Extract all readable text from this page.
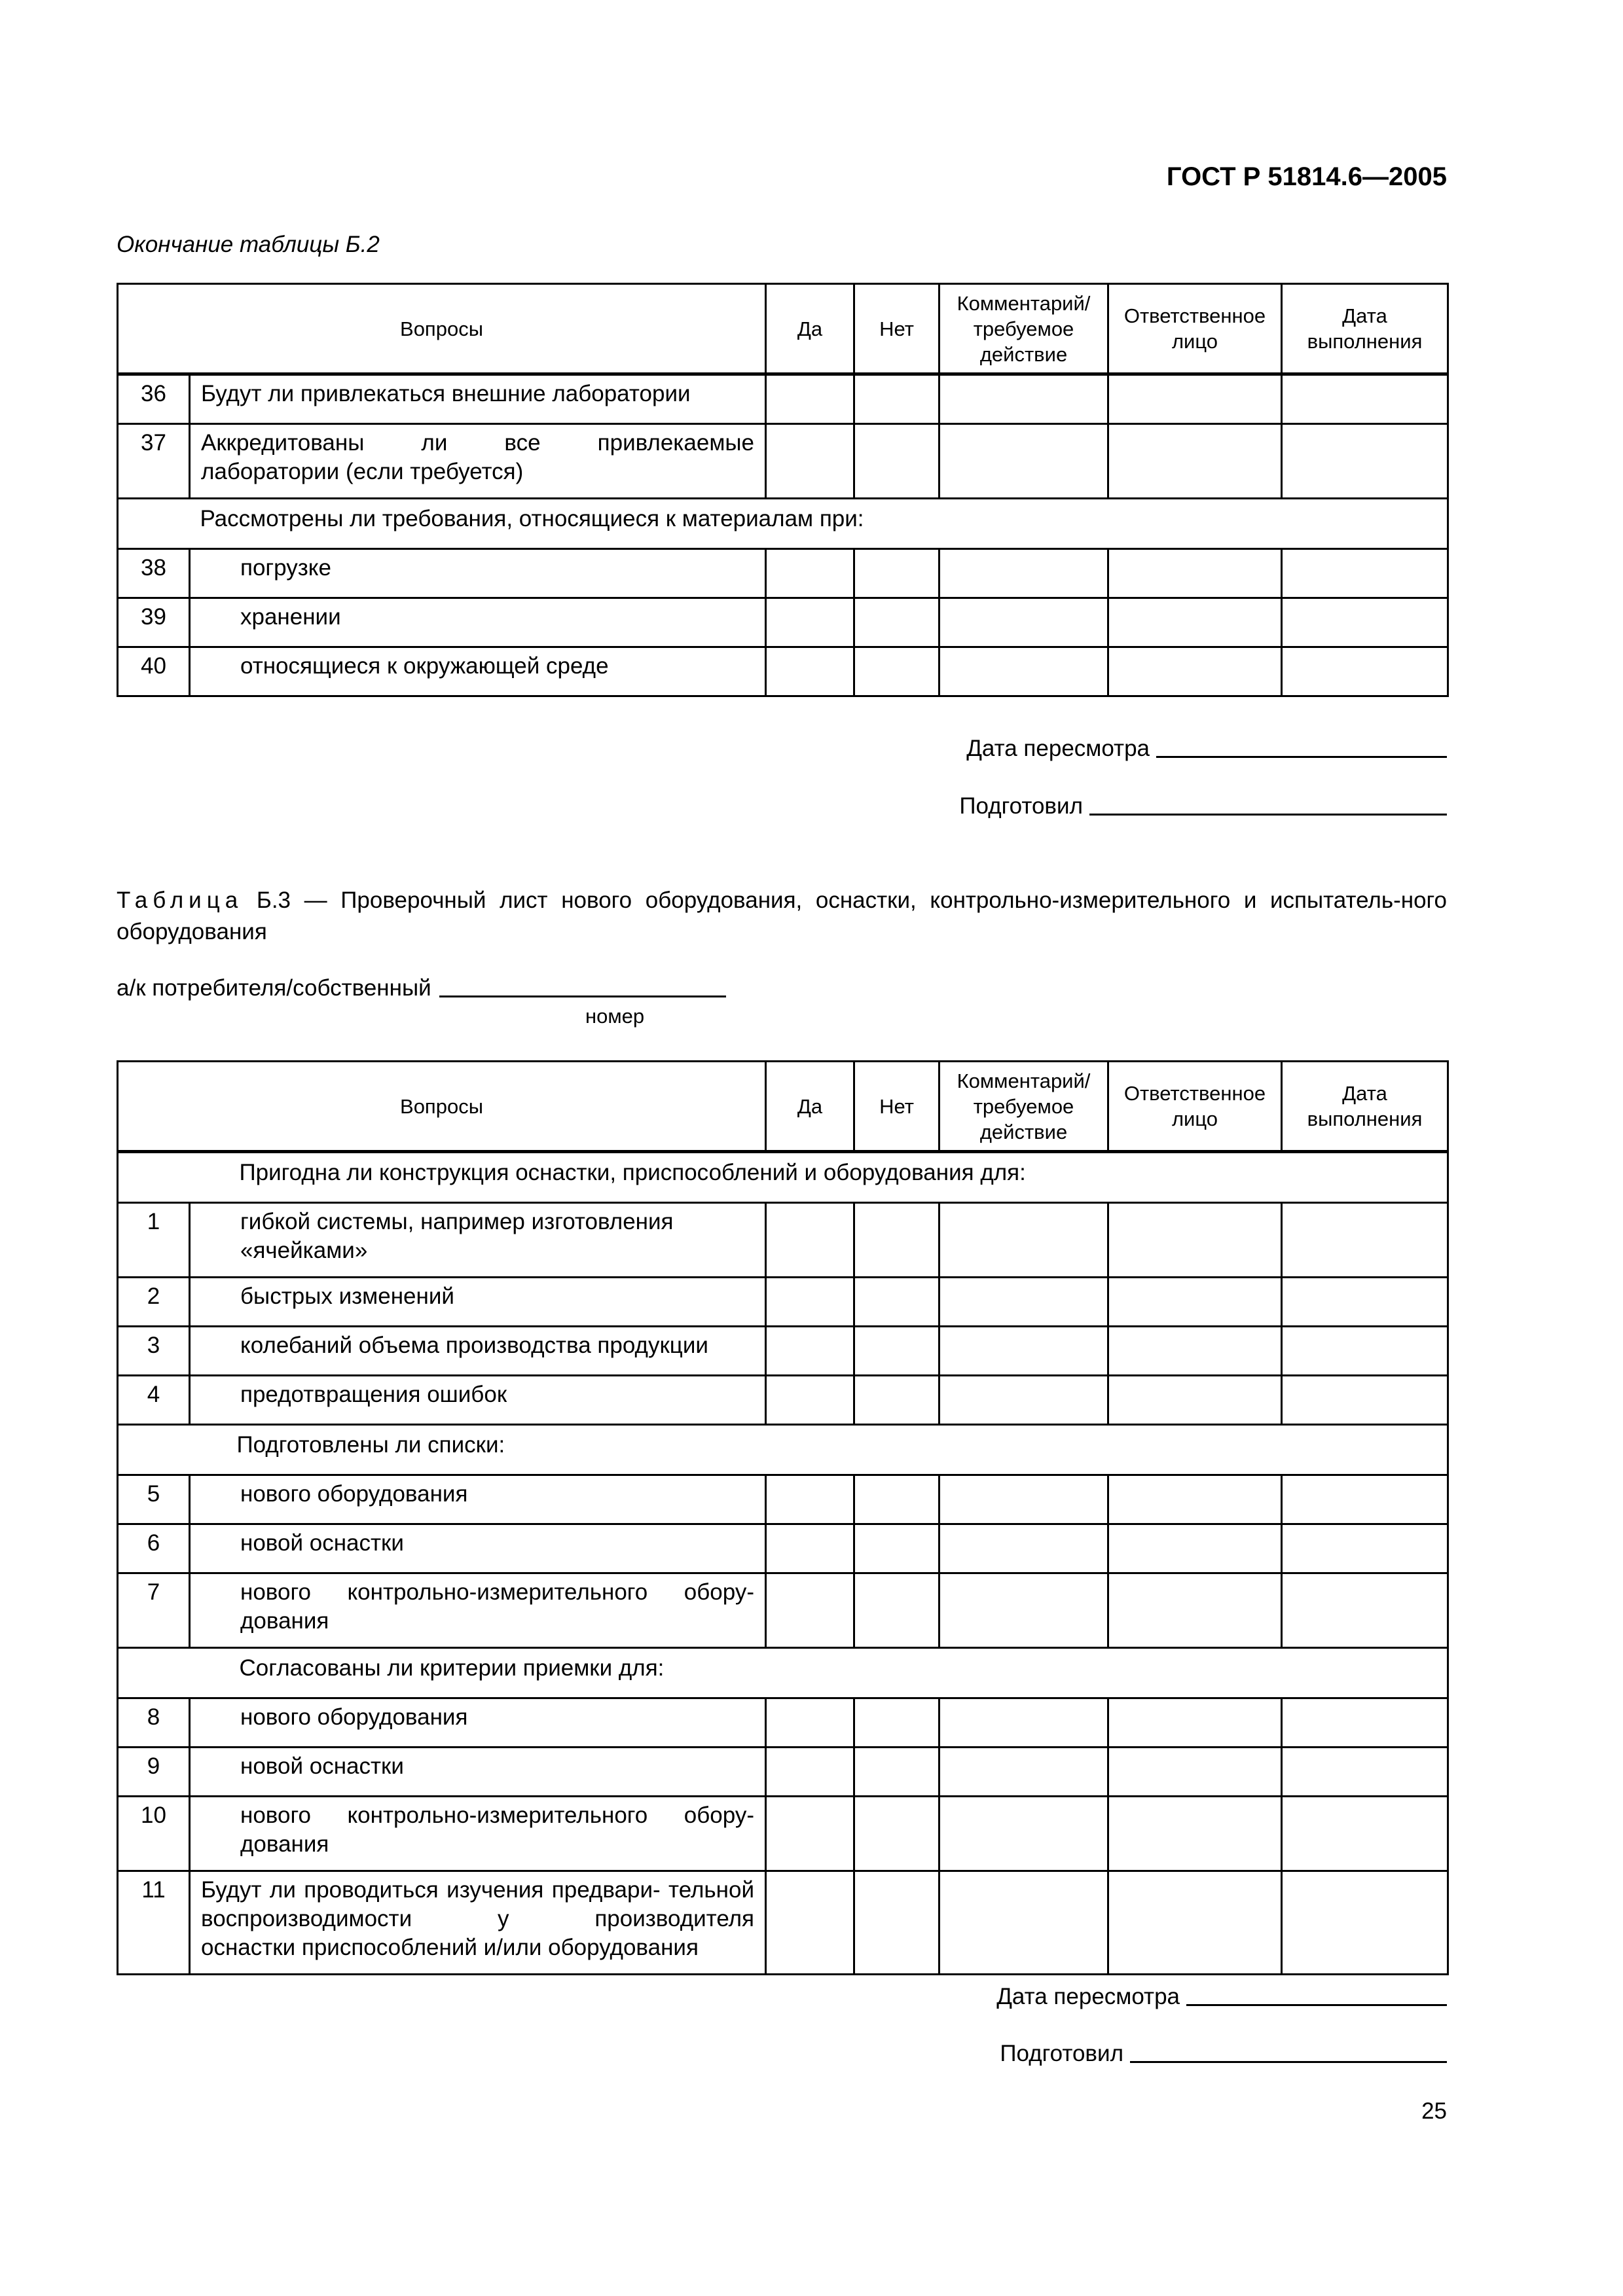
ГОСТ Р 51814.6—2005
Окончание таблицы Б.2
Вопросы		Да	Нет	Комментарий/ требуемое действие	Ответственное лицо	Дата выполнения
36	Будут ли привлекаться внешние лаборатории					
37	Аккредитованы ли все привлекаемые
лаборатории (если требуется)					

	Рассмотрены ли требования, относящиеся к материалам при:					
38	погрузке					
39	хранении					
40	относящиеся к окружающей среде					
Дата пересмотра
Подготовил
Таблица Б.3 — Проверочный лист нового оборудования, оснастки, контрольно-измерительного и испытатель-ного оборудования
а/к потребителя/собственный
номер
Вопросы		Да	Нет	Комментарий/ требуемое действие	Ответственное лицо	Дата выполнения
	Пригодна ли конструкция оснастки, приспособлений и оборудования для:					
1	гибкой системы, например изготовления «ячейками»					
2	быстрых изменений					
3	колебаний объема производства продукции					
4	предотвращения ошибок					
	Подготовлены ли списки:					
5	нового оборудования					
6	новой оснастки					
7	нового контрольно-измерительного обору-
дования					

	Согласованы ли критерии приемки для:					
8	нового оборудования					
9	новой оснастки					
10	нового контрольно-измерительного обору-
дования					

11	Будут ли проводиться изучения предвари- тельной воспроизводимости у производителя
оснастки приспособлений и/или оборудования					

Дата пересмотра
Подготовил
25
